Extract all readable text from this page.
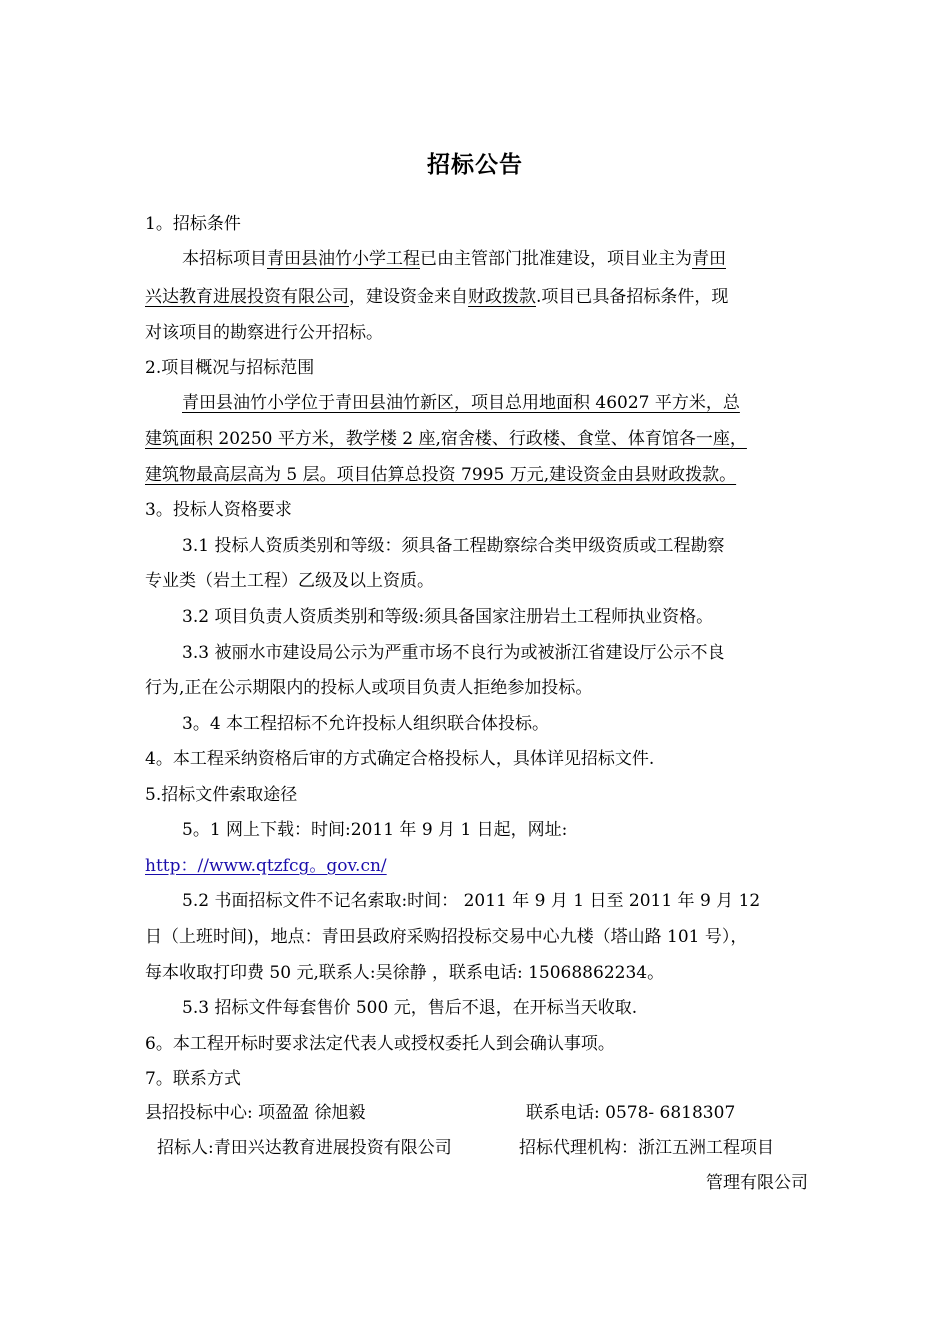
招标公告
1。招标条件
本招标项目青田县油竹小学工程已由主管部门批准建设，项目业主为青田
兴达教育进展投资有限公司，建设资金来自财政拨款.项目已具备招标条件，现
对该项目的勘察进行公开招标。
2.项目概况与招标范围
青田县油竹小学位于青田县油竹新区，项目总用地面积 46027 平方米，总
建筑面积 20250 平方米，教学楼 2 座,宿舍楼、行政楼、食堂、体育馆各一座，
建筑物最高层高为 5 层。项目估算总投资 7995 万元,建设资金由县财政拨款。
3。投标人资格要求
3.1 投标人资质类别和等级：须具备工程勘察综合类甲级资质或工程勘察
专业类（岩土工程）乙级及以上资质。
3.2 项目负责人资质类别和等级:须具备国家注册岩土工程师执业资格。
3.3 被丽水市建设局公示为严重市场不良行为或被浙江省建设厅公示不良
行为,正在公示期限内的投标人或项目负责人拒绝参加投标。
3。4 本工程招标不允许投标人组织联合体投标。
4。本工程采纳资格后审的方式确定合格投标人，具体详见招标文件.
5.招标文件索取途径
5。1 网上下载：时间:2011 年 9 月 1 日起，网址:
http：//www.qtzfcg。gov.cn/
5.2 书面招标文件不记名索取:时间： 2011 年 9 月 1 日至 2011 年 9 月 12
日（上班时间)，地点：青田县政府采购招投标交易中心九楼（塔山路 101 号），
每本收取打印费 50 元,联系人:吴徐静 ，联系电话: 15068862234。
5.3 招标文件每套售价 500 元，售后不退，在开标当天收取.
6。本工程开标时要求法定代表人或授权委托人到会确认事项。
7。联系方式
县招投标中心: 项盈盈 徐旭毅	联系电话: 0578- 6818307
招标人:青田兴达教育进展投资有限公司	招标代理机构：浙江五洲工程项目
管理有限公司
